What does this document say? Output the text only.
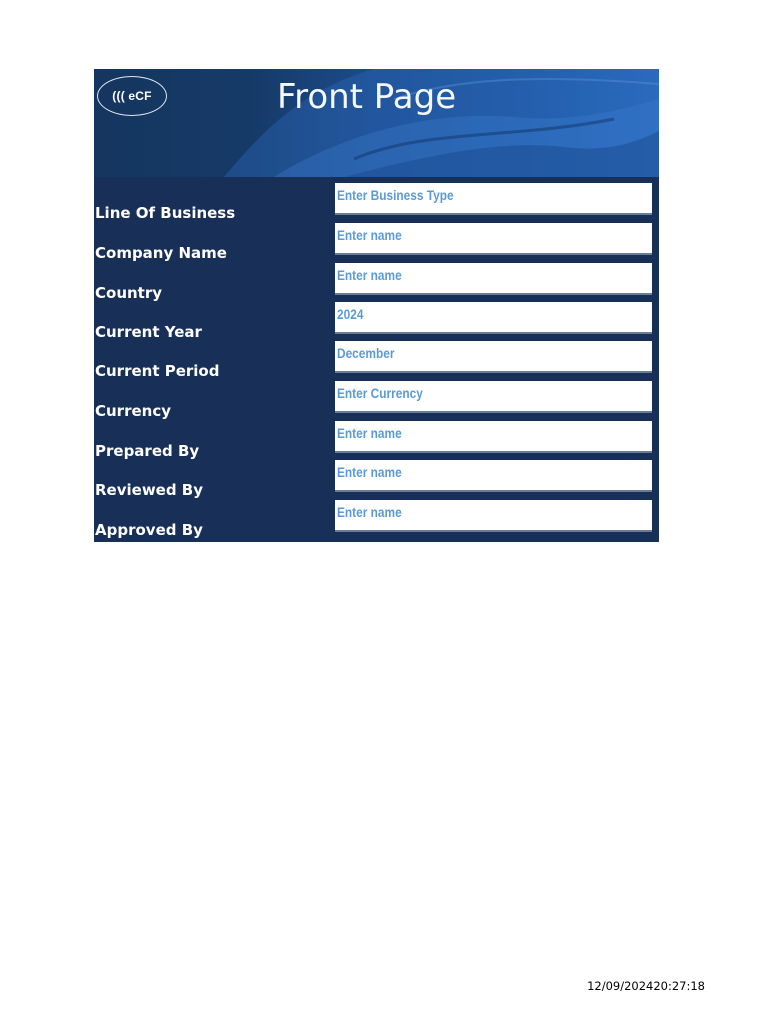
((( eCF	Front Page
Line Of Business
Enter Business Type
Company Name
Enter name
Country
Enter name
Current Year
2024
Current Period
December
Currency
Enter Currency
Prepared By
Enter name
Reviewed By
Enter name
Approved By
Enter name
12/09/202420:27:18
